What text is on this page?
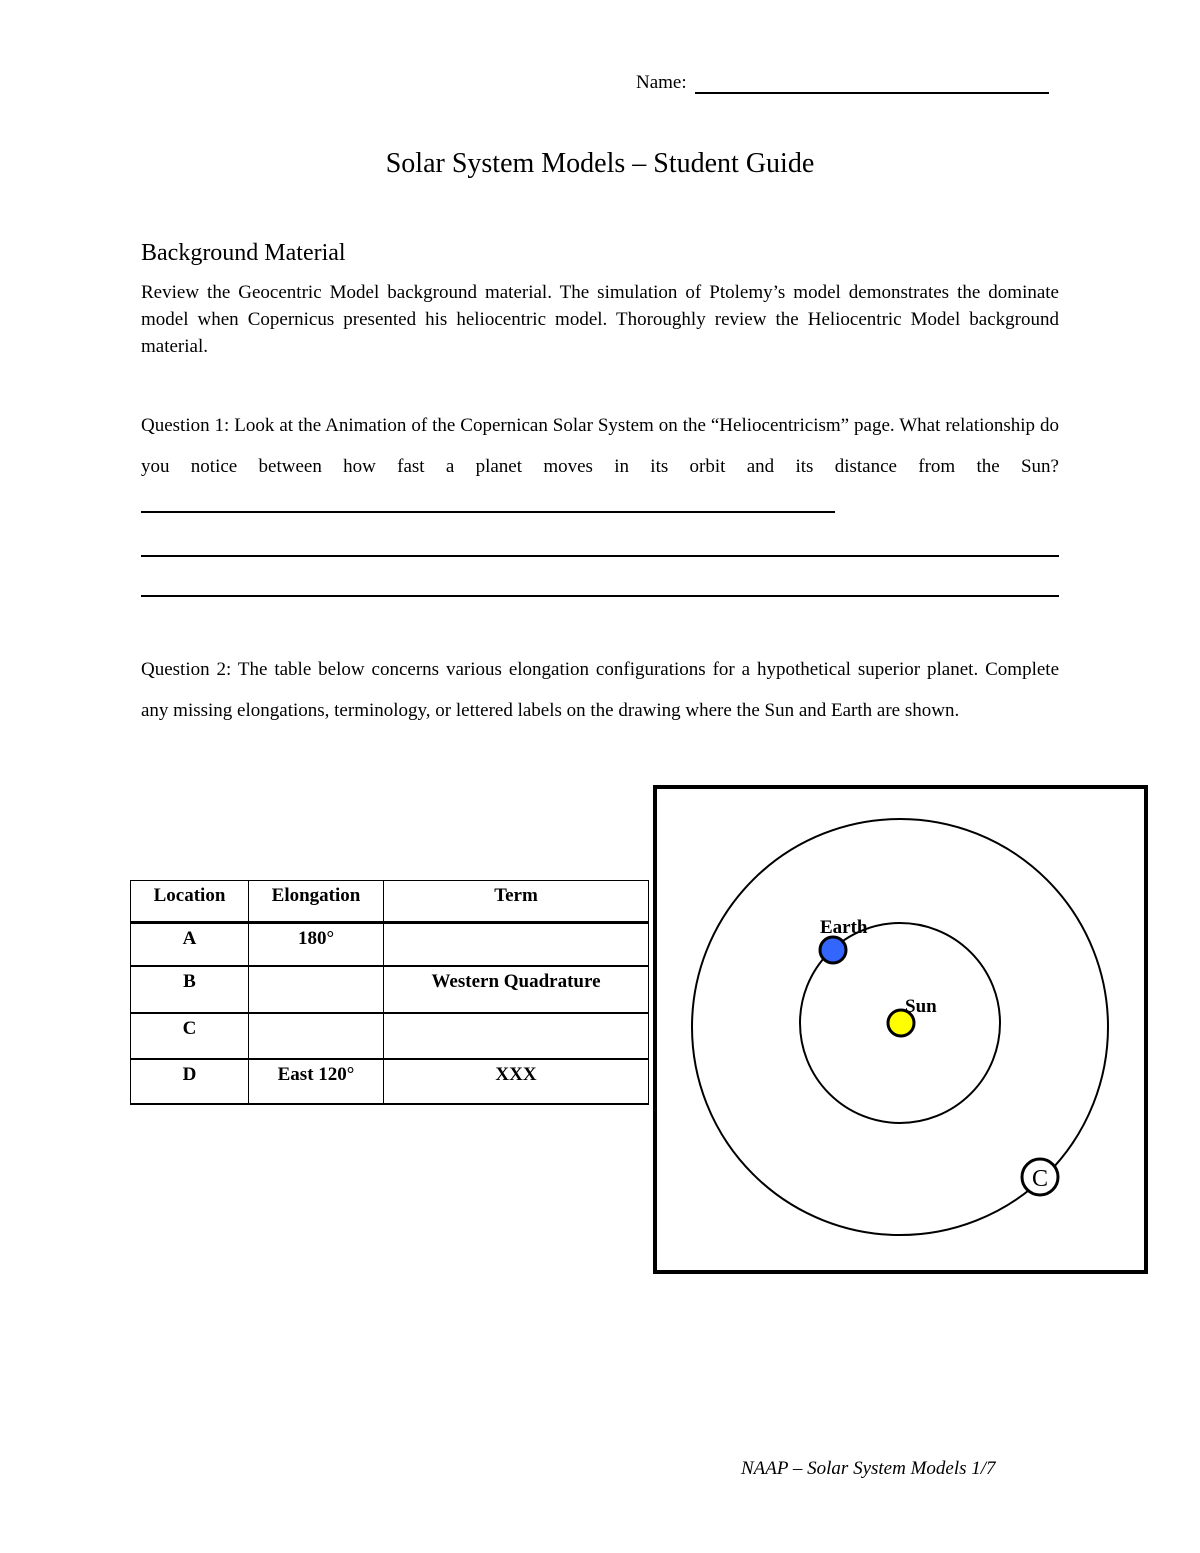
Name:
Solar System Models – Student Guide
Background Material
Review the Geocentric Model background material. The simulation of Ptolemy’s model demonstrates the dominate model when Copernicus presented his heliocentric model. Thoroughly review the Heliocentric Model background material.
Question 1: Look at the Animation of the Copernican Solar System on the “Heliocentricism” page. What relationship do you notice between how fast a planet moves in its orbit and its distance from the Sun?
Question 2: The table below concerns various elongation configurations for a hypothetical superior planet. Complete any missing elongations, terminology, or lettered labels on the drawing where the Sun and Earth are shown.
Location	Elongation	Term
A	180°	
B		Western Quadrature
C		
D	East 120°	XXX
Sun
Earth
C
NAAP – Solar System Models 1/7
